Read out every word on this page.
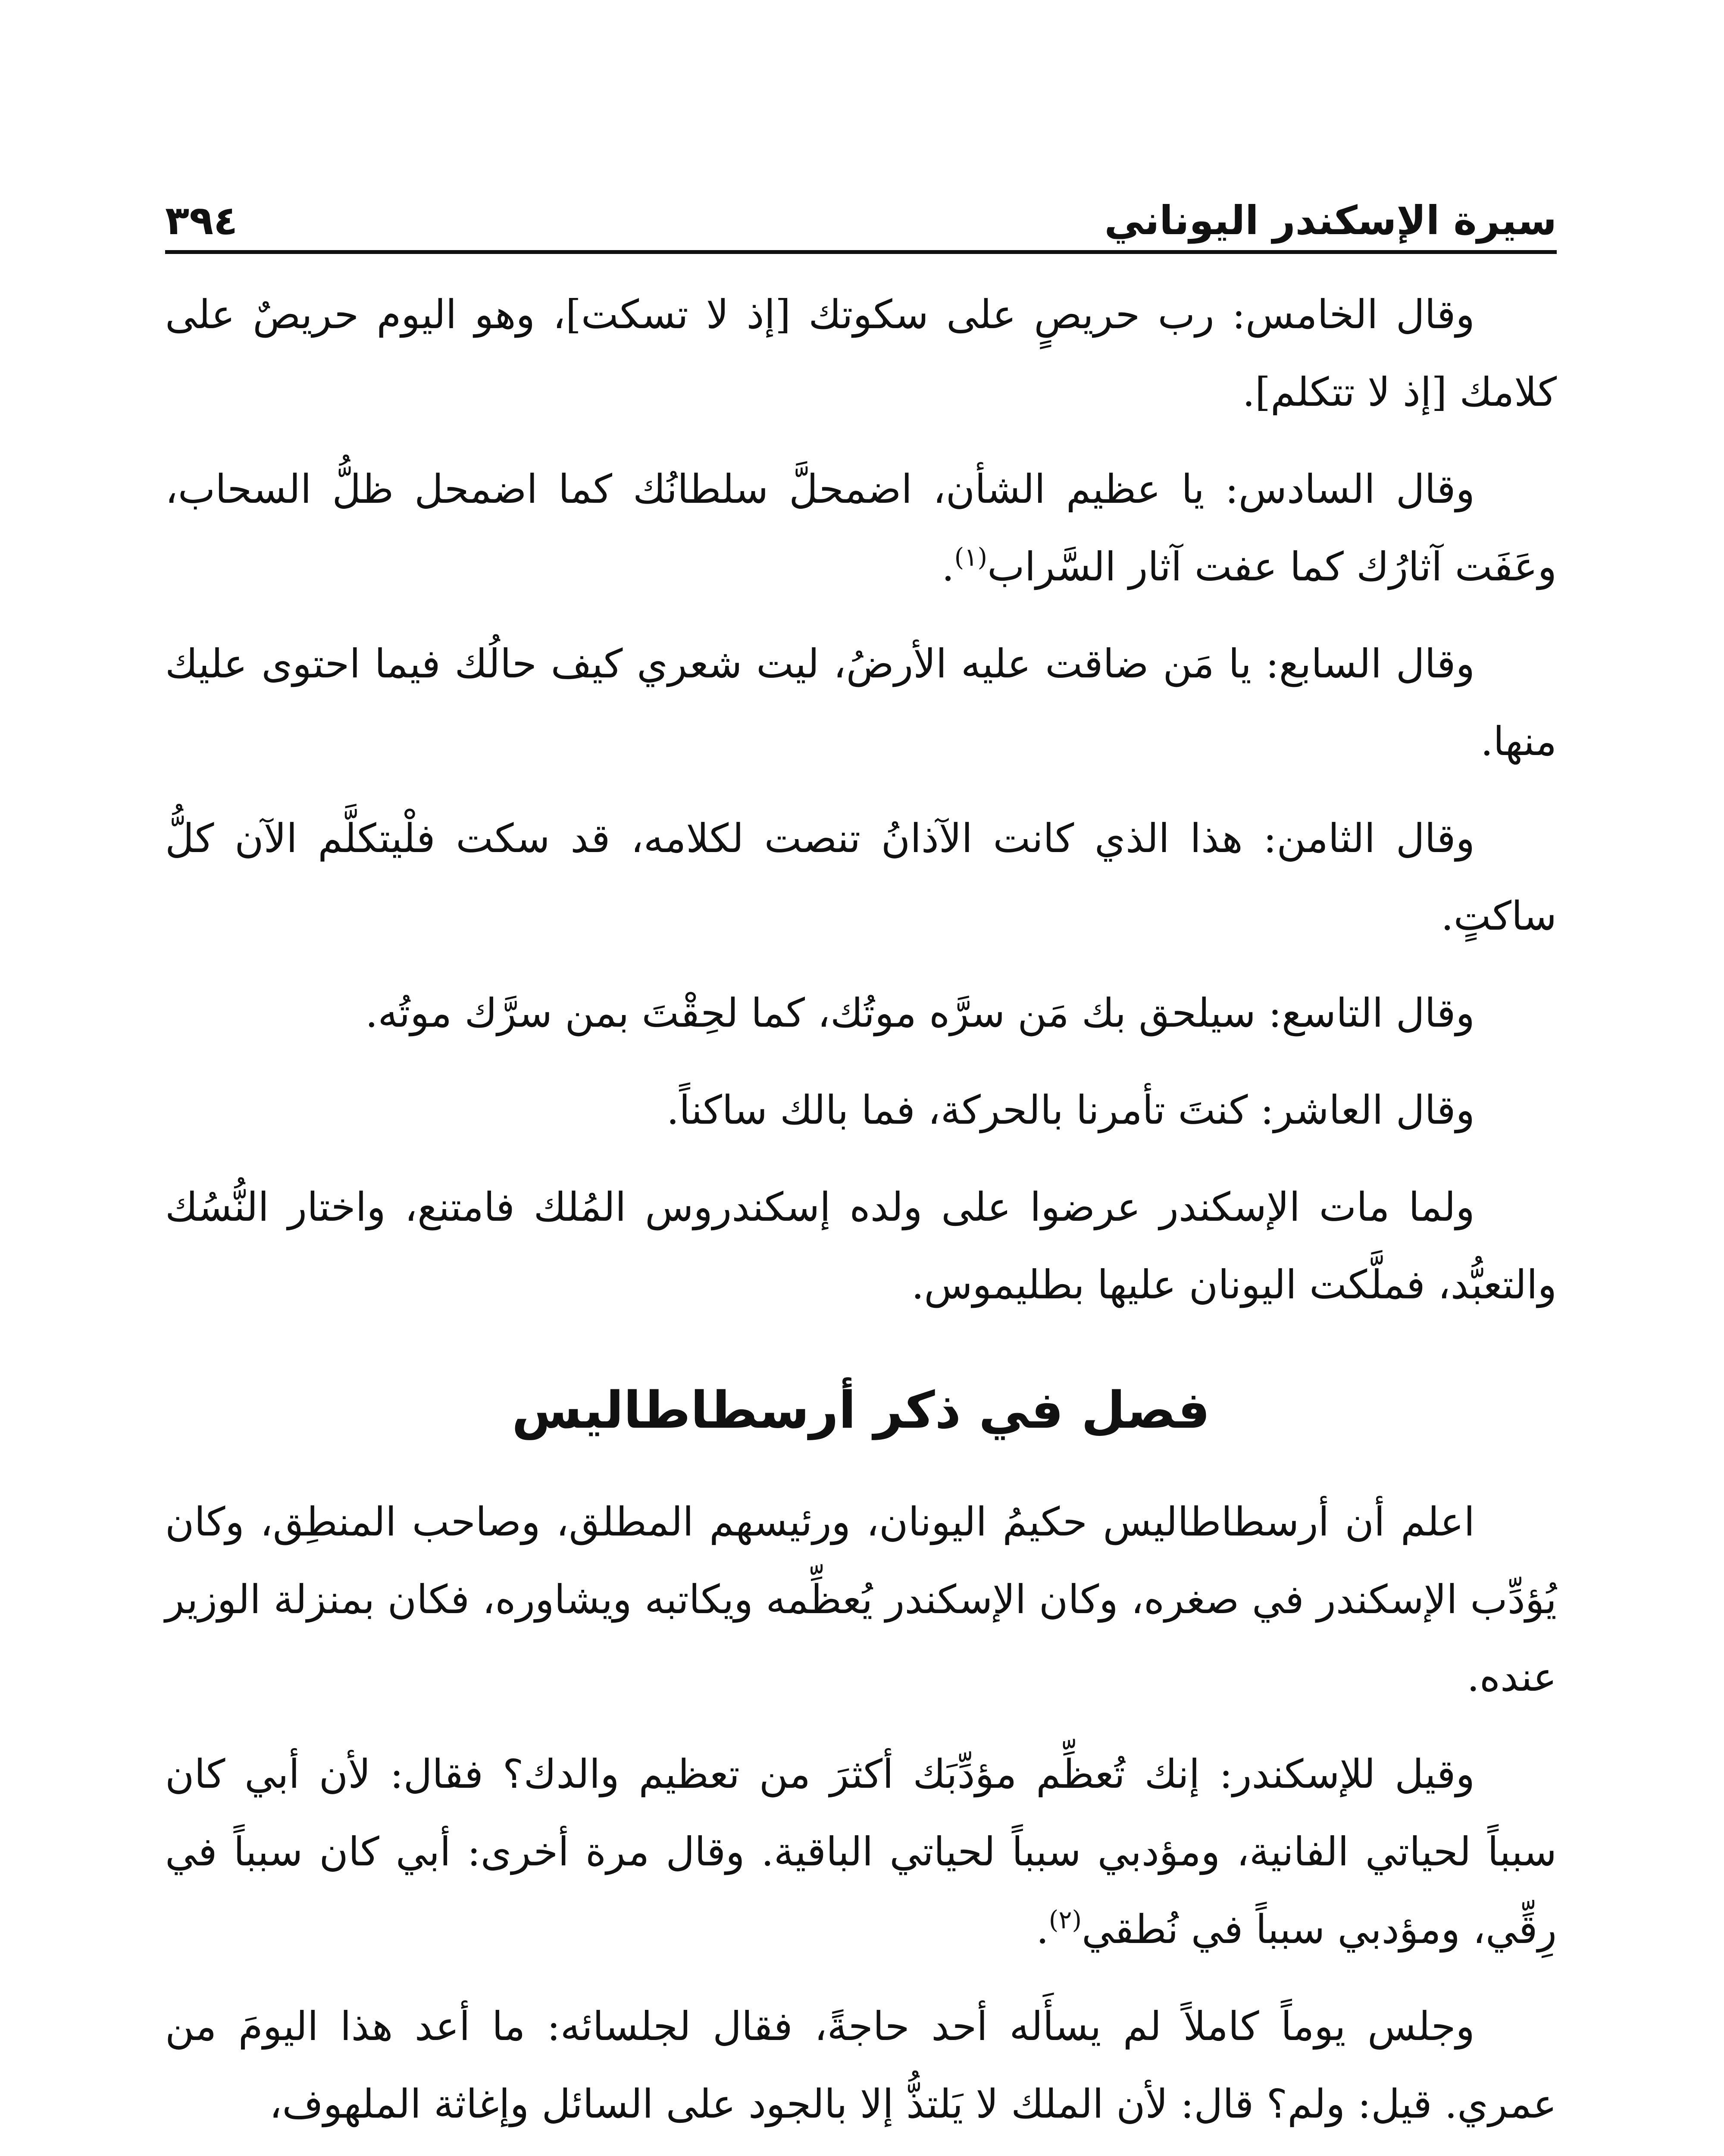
سيرة الإسكندر اليوناني
٣٩٤

وقال الخامس: رب حريصٍ على سكوتك [إذ لا تسكت]، وهو اليوم حريصٌ على كلامك [إذ لا تتكلم].

وقال السادس: يا عظيم الشأن، اضمحلَّ سلطانُك كما اضمحل ظلُّ السحاب، وعَفَت آثارُك كما عفت آثار السَّراب$^{(١)}$.

وقال السابع: يا مَن ضاقت عليه الأرضُ، ليت شعري كيف حالُك فيما احتوى عليك منها.

وقال الثامن: هذا الذي كانت الآذانُ تنصت لكلامه، قد سكت فلْيتكلَّم الآن كلُّ ساكتٍ.

وقال التاسع: سيلحق بك مَن سرَّه موتُك، كما لحِقْتَ بمن سرَّك موتُه.

وقال العاشر: كنتَ تأمرنا بالحركة، فما بالك ساكناً.

ولما مات الإسكندر عرضوا على ولده إسكندروس المُلك فامتنع، واختار النُّسُك والتعبُّد، فملَّكت اليونان عليها بطليموس.

فصل في ذكر أرسطاطاليس

اعلم أن أرسطاطاليس حكيمُ اليونان، ورئيسهم المطلق، وصاحب المنطِق، وكان يُؤدِّب الإسكندر في صغره، وكان الإسكندر يُعظِّمه ويكاتبه ويشاوره، فكان بمنزلة الوزير عنده.

وقيل للإسكندر: إنك تُعظِّم مؤدِّبَك أكثرَ من تعظيم والدك؟ فقال: لأن أبي كان سبباً لحياتي الفانية، ومؤدبي سبباً لحياتي الباقية. وقال مرة أخرى: أبي كان سبباً في رِقِّي، ومؤدبي سبباً في نُطقي$^{(٢)}$.

وجلس يوماً كاملاً لم يسأَله أحد حاجةً، فقال لجلسائه: ما أعد هذا اليومَ من عمري. قيل: ولم؟ قال: لأن الملك لا يَلتذُّ إلا بالجود على السائل وإغاثة الملهوف،
